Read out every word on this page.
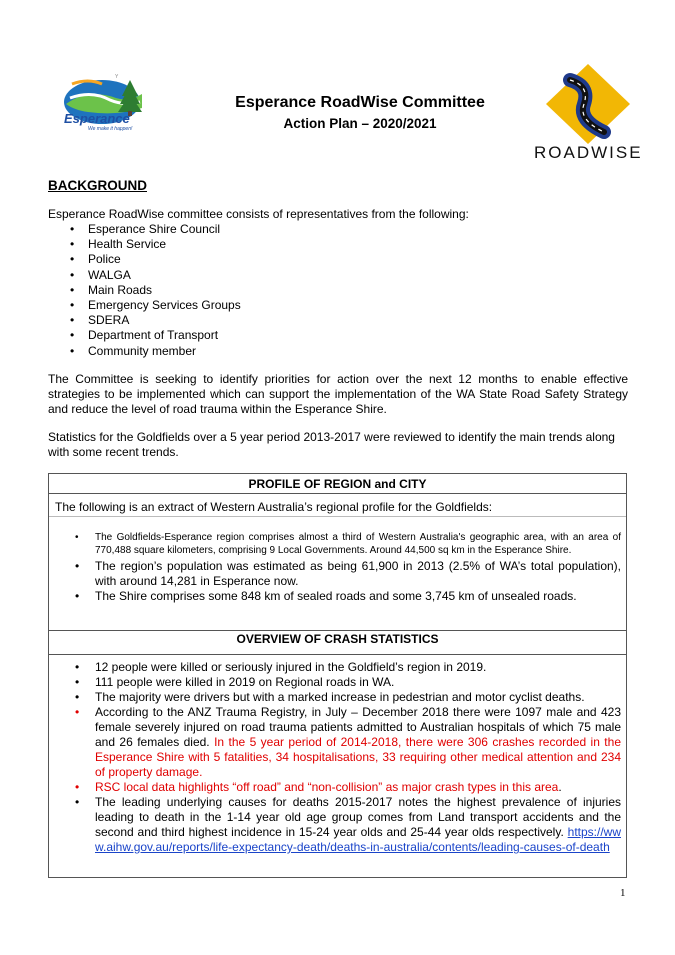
Y
Esperance
We make it happen!
Esperance RoadWise Committee
Action Plan – 2020/2021
ROADWISE
BACKGROUND
Esperance RoadWise committee consists of representatives from the following:
• Esperance Shire Council
• Health Service
• Police
• WALGA
• Main Roads
• Emergency Services Groups
• SDERA
• Department of Transport
• Community member
The Committee is seeking to identify priorities for action over the next 12 months to enable effective strategies to be implemented which can support the implementation of the WA State Road Safety Strategy and reduce the level of road trauma within the Esperance Shire.
Statistics for the Goldfields over a 5 year period 2013-2017 were reviewed to identify the main trends along with some recent trends.
PROFILE OF REGION and CITY
The following is an extract of Western Australia’s regional profile for the Goldfields:
• The Goldfields-Esperance region comprises almost a third of Western Australia's geographic area, with an area of 770,488 square kilometers, comprising 9 Local Governments. Around 44,500 sq km in the Esperance Shire.
• The region’s population was estimated as being 61,900 in 2013 (2.5% of WA’s total population), with around 14,281 in Esperance now.
• The Shire comprises some 848 km of sealed roads and some 3,745 km of unsealed roads.
OVERVIEW OF CRASH STATISTICS
• 12 people were killed or seriously injured in the Goldfield’s region in 2019.
• 111 people were killed in 2019 on Regional roads in WA.
• The majority were drivers but with a marked increase in pedestrian and motor cyclist deaths.
• According to the ANZ Trauma Registry, in July – December 2018 there were 1097 male and 423 female severely injured on road trauma patients admitted to Australian hospitals of which 75 male and 26 females died. In the 5 year period of 2014-2018, there were 306 crashes recorded in the Esperance Shire with 5 fatalities, 34 hospitalisations, 33 requiring other medical attention and 234 of property damage.
• RSC local data highlights “off road” and “non-collision” as major crash types in this area.
• The leading underlying causes for deaths 2015-2017 notes the highest prevalence of injuries leading to death in the 1-14 year old age group comes from Land transport accidents and the second and third highest incidence in 15-24 year olds and 25-44 year olds respectively. https://www.aihw.gov.au/reports/life-expectancy-death/deaths-in-australia/contents/leading-causes-of-death
1
